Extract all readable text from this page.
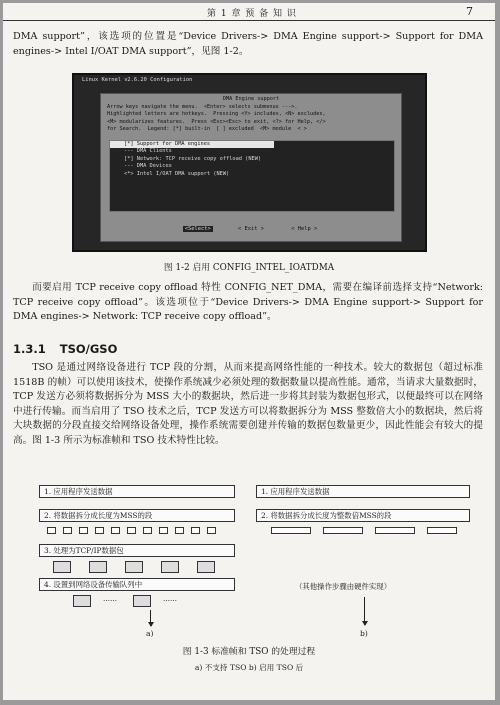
第 1 章 预 备 知 识	7

DMA support”，该选项的位置是“Device Drivers-> DMA Engine support-> Support for DMA engines-> Intel I/OAT DMA support”，见图 1-2。

Linux Kernel v2.6.20 Configuration
DMA Engine support
Arrow keys navigate the menu.  <Enter> selects submenus --->.
Highlighted letters are hotkeys.  Pressing <Y> includes, <N> excludes,
<M> modularizes features.  Press <Esc><Esc> to exit, <?> for Help, </>
for Search.  Legend: [*] built-in  [ ] excluded  <M> module  < >
[*] Support for DMA engines
--- DMA Clients
[*] Network: TCP receive copy offload (NEW)
--- DMA Devices
<*> Intel I/OAT DMA support (NEW)
<Select>	< Exit >	< Help >
图 1-2 启用 CONFIG_INTEL_IOATDMA

而要启用 TCP receive copy offload 特性 CONFIG_NET_DMA，需要在编译前选择支持“Network: TCP receive copy offload”。该选项位于“Device Drivers-> DMA Engine support-> Support for DMA engines-> Network: TCP receive copy offload”。

1.3.1 TSO/GSO

TSO 是通过网络设备进行 TCP 段的分割，从而来提高网络性能的一种技术。较大的数据包（超过标准 1518B 的帧）可以使用该技术，使操作系统减少必须处理的数据数量以提高性能。通常，当请求大量数据时，TCP 发送方必须将数据拆分为 MSS 大小的数据块，然后进一步将其封装为数据包形式，以便最终可以在网络中进行传输。而当启用了 TSO 技术之后，TCP 发送方可以将数据拆分为 MSS 整数倍大小的数据块，然后将大块数据的分段直接交给网络设备处理，操作系统需要创建并传输的数据包数量更少，因此性能会有较大的提高。图 1-3 所示为标准帧和 TSO 技术特性比较。

1. 应用程序发送数据
2. 将数据拆分成长度为MSS的段
3. 处理为TCP/IP数据包
4. 设置到网络设备传输队列中
……	……
a)
1. 应用程序发送数据
2. 将数据拆分成长度为整数倍MSS的段
（其他操作步骤由硬件实现）
b)
图 1-3 标准帧和 TSO 的处理过程
a) 不支持 TSO b) 启用 TSO 后
